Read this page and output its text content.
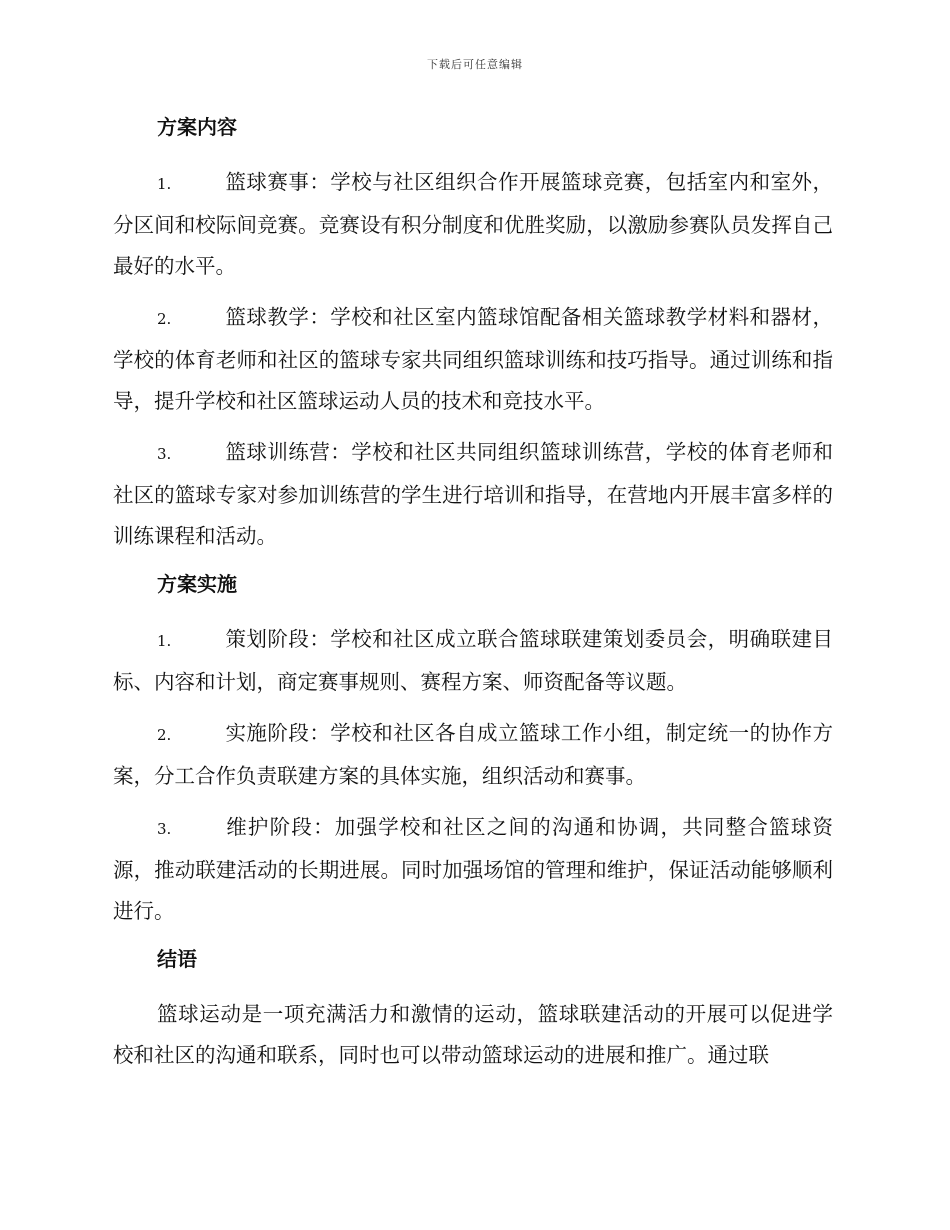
下载后可任意编辑
方案内容
1.	篮球赛事：学校与社区组织合作开展篮球竞赛，包括室内和室外，分区间和校际间竞赛。竞赛设有积分制度和优胜奖励，以激励参赛队员发挥自己最好的水平。
2.	篮球教学：学校和社区室内篮球馆配备相关篮球教学材料和器材，学校的体育老师和社区的篮球专家共同组织篮球训练和技巧指导。通过训练和指导，提升学校和社区篮球运动人员的技术和竞技水平。
3.	篮球训练营：学校和社区共同组织篮球训练营，学校的体育老师和社区的篮球专家对参加训练营的学生进行培训和指导，在营地内开展丰富多样的训练课程和活动。
方案实施
1.	策划阶段：学校和社区成立联合篮球联建策划委员会，明确联建目标、内容和计划，商定赛事规则、赛程方案、师资配备等议题。
2.	实施阶段：学校和社区各自成立篮球工作小组，制定统一的协作方案，分工合作负责联建方案的具体实施，组织活动和赛事。
3.	维护阶段：加强学校和社区之间的沟通和协调，共同整合篮球资源，推动联建活动的长期进展。同时加强场馆的管理和维护，保证活动能够顺利进行。
结语
篮球运动是一项充满活力和激情的运动，篮球联建活动的开展可以促进学校和社区的沟通和联系，同时也可以带动篮球运动的进展和推广。通过联
